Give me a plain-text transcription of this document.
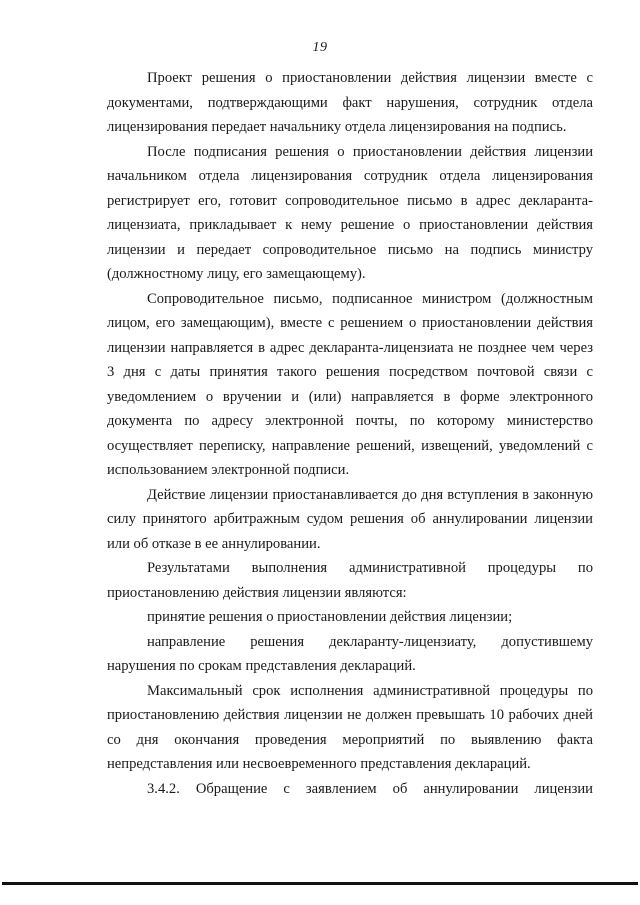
19

Проект решения о приостановлении действия лицензии вместе с документами, подтверждающими факт нарушения, сотрудник отдела лицензирования передает начальнику отдела лицензирования на подпись.

После подписания решения о приостановлении действия лицензии начальником отдела лицензирования сотрудник отдела лицензирования регистрирует его, готовит сопроводительное письмо в адрес декларанта-лицензиата, прикладывает к нему решение о приостановлении действия лицензии и передает сопроводительное письмо на подпись министру (должностному лицу, его замещающему).

Сопроводительное письмо, подписанное министром (должностным лицом, его замещающим), вместе с решением о приостановлении действия лицензии направляется в адрес декларанта-лицензиата не позднее чем через 3 дня с даты принятия такого решения посредством почтовой связи с уведомлением о вручении и (или) направляется в форме электронного документа по адресу электронной почты, по которому министерство осуществляет переписку, направление решений, извещений, уведомлений с использованием электронной подписи.

Действие лицензии приостанавливается до дня вступления в законную силу принятого арбитражным судом решения об аннулировании лицензии или об отказе в ее аннулировании.

Результатами выполнения административной процедуры по приостановлению действия лицензии являются:

принятие решения о приостановлении действия лицензии;

направление решения декларанту-лицензиату, допустившему нарушения по срокам представления деклараций.

Максимальный срок исполнения административной процедуры по приостановлению действия лицензии не должен превышать 10 рабочих дней со дня окончания проведения мероприятий по выявлению факта непредставления или несвоевременного представления деклараций.

3.4.2. Обращение с заявлением об аннулировании лицензии
